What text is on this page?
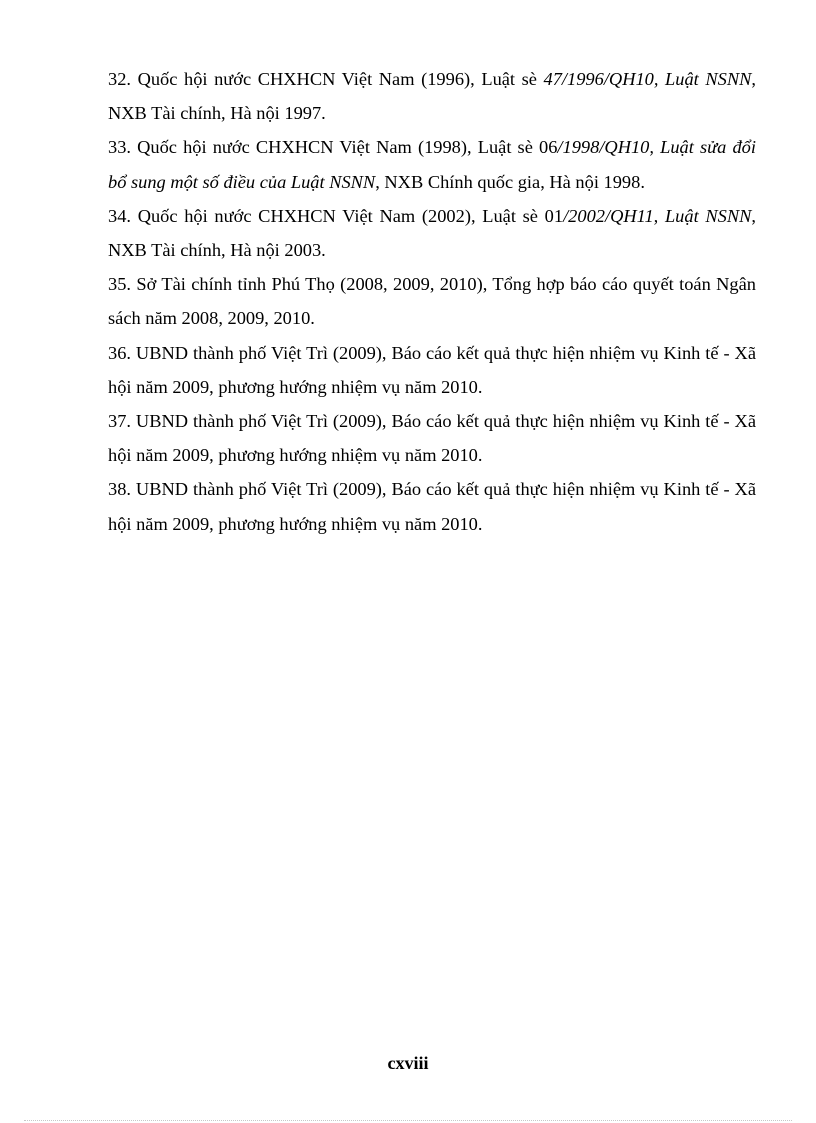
32. Quốc hội nước CHXHCN Việt Nam (1996), Luật sè 47/1996/QH10, Luật NSNN, NXB Tài chính, Hà nội 1997.

33. Quốc hội nước CHXHCN Việt Nam (1998), Luật sè 06/1998/QH10, Luật sửa đổi bổ sung một số điều của Luật NSNN, NXB Chính quốc gia, Hà nội 1998.

34. Quốc hội nước CHXHCN Việt Nam (2002), Luật sè 01/2002/QH11, Luật NSNN, NXB Tài chính, Hà nội 2003.

35. Sở Tài chính tỉnh Phú Thọ (2008, 2009, 2010), Tổng hợp báo cáo quyết toán Ngân sách năm 2008, 2009, 2010.

36. UBND thành phố Việt Trì (2009), Báo cáo kết quả thực hiện nhiệm vụ Kinh tế - Xã hội năm 2009, phương hướng nhiệm vụ năm 2010.

37. UBND thành phố Việt Trì (2009), Báo cáo kết quả thực hiện nhiệm vụ Kinh tế - Xã hội năm 2009, phương hướng nhiệm vụ năm 2010.

38. UBND thành phố Việt Trì (2009), Báo cáo kết quả thực hiện nhiệm vụ Kinh tế - Xã hội năm 2009, phương hướng nhiệm vụ năm 2010.

cxviii
